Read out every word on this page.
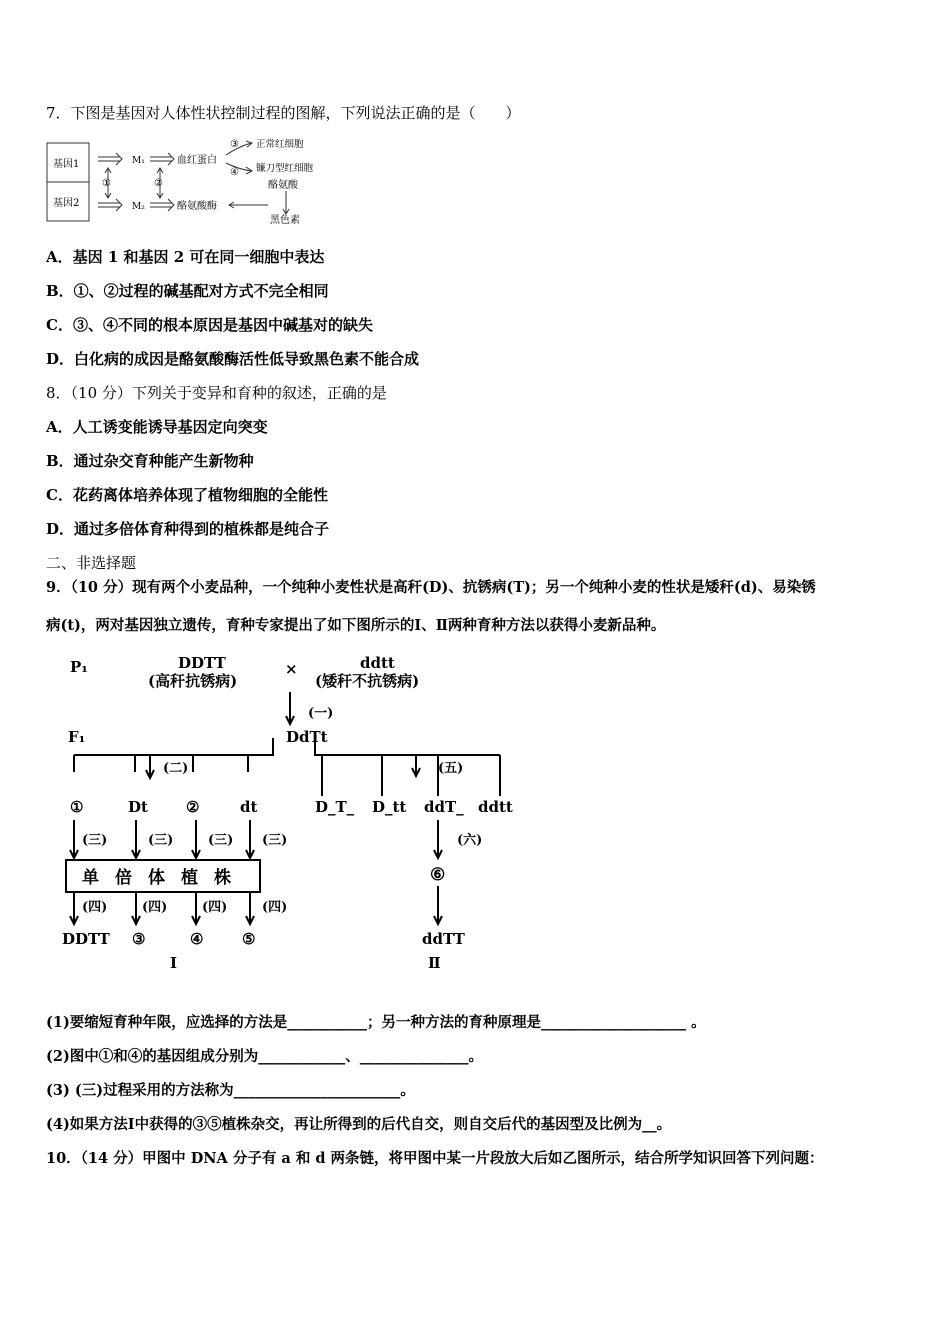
7．下图是基因对人体性状控制过程的图解，下列说法正确的是（　　）
基因1
基因2
M₁
M₂
血红蛋白
酪氨酸酶
①	②
③
④
正常红细胞
镰刀型红细胞
酪氨酸
黑色素
A．基因 1 和基因 2 可在同一细胞中表达
B．①、②过程的碱基配对方式不完全相同
C．③、④不同的根本原因是基因中碱基对的缺失
D．白化病的成因是酪氨酸酶活性低导致黑色素不能合成
8．（10 分）下列关于变异和育种的叙述，正确的是
A．人工诱变能诱导基因定向突变
B．通过杂交育种能产生新物种
C．花药离体培养体现了植物细胞的全能性
D．通过多倍体育种得到的植株都是纯合子
二、非选择题
9．（10 分）现有两个小麦品种，一个纯种小麦性状是高秆(D)、抗锈病(T)；另一个纯种小麦的性状是矮秆(d)、易染锈
病(t)，两对基因独立遗传，育种专家提出了如下图所示的Ⅰ、Ⅱ两种育种方法以获得小麦新品种。
P₁
F₁
DDTT
(高秆抗锈病)
×	ddtt
(矮秆不抗锈病)
(一)
DdTt
(二)	(五)
①	Dt	②	dt	D_T_ D_tt ddT_ ddtt
(三)	(三)	(三) (三)	(六)
单倍体植株	⑥
(四)	(四)	(四)	(四)
DDTT ③	④	⑤	ddTT
Ⅰ	Ⅱ
(1)要缩短育种年限，应选择的方法是___________；另一种方法的育种原理是____________________ 。
(2)图中①和④的基因组成分别为____________、_______________。
(3) (三)过程采用的方法称为_______________________。
(4)如果方法Ⅰ中获得的③⑤植株杂交，再让所得到的后代自交，则自交后代的基因型及比例为__。
10．（14 分）甲图中 DNA 分子有 a 和 d 两条链，将甲图中某一片段放大后如乙图所示，结合所学知识回答下列问题：
